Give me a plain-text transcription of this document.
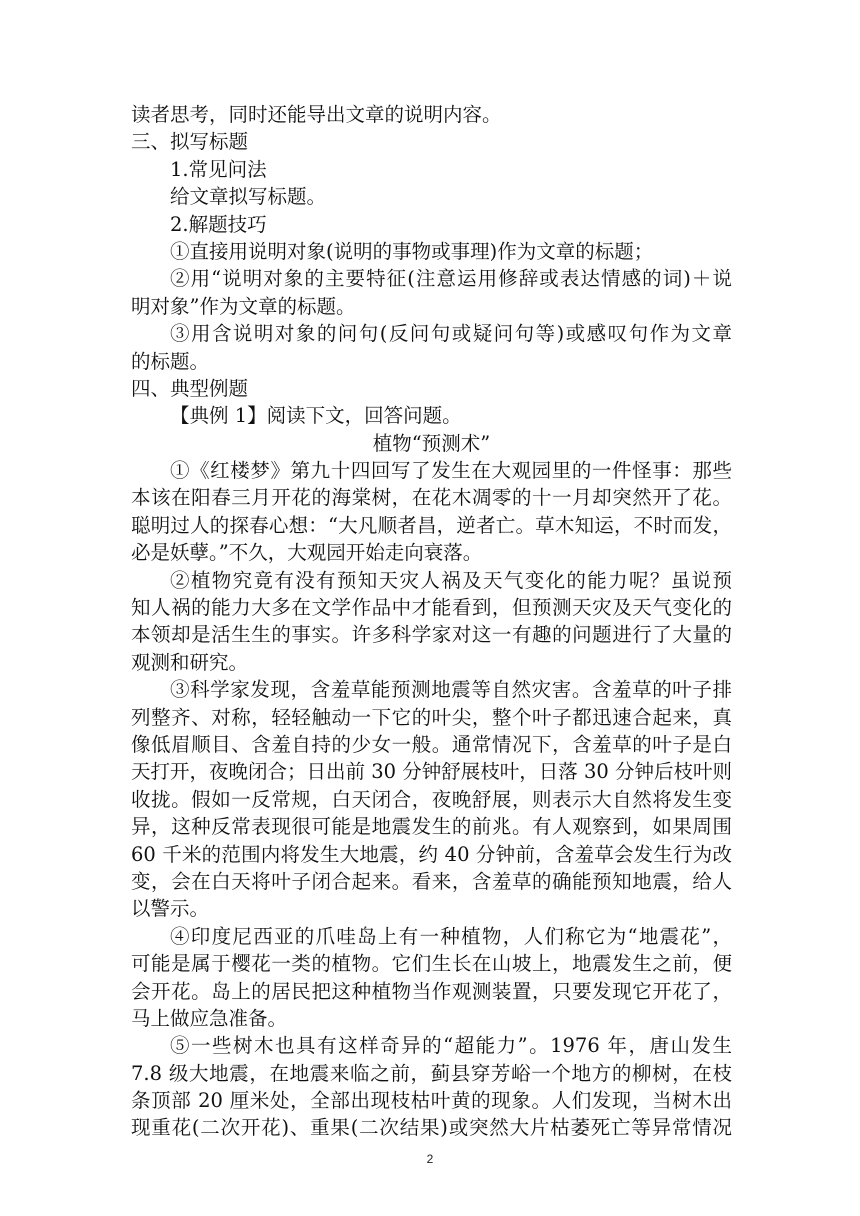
读者思考，同时还能导出文章的说明内容。
三、拟写标题
1.常见问法
给文章拟写标题。
2.解题技巧
①直接用说明对象(说明的事物或事理)作为文章的标题；
②用“说明对象的主要特征(注意运用修辞或表达情感的词)＋说
明对象”作为文章的标题。
③用含说明对象的问句(反问句或疑问句等)或感叹句作为文章
的标题。
四、典型例题
【典例 1】阅读下文，回答问题。
植物“预测术”
①《红楼梦》第九十四回写了发生在大观园里的一件怪事：那些
本该在阳春三月开花的海棠树，在花木凋零的十一月却突然开了花。
聪明过人的探春心想：“大凡顺者昌，逆者亡。草木知运，不时而发，
必是妖孽。”不久，大观园开始走向衰落。
②植物究竟有没有预知天灾人祸及天气变化的能力呢？虽说预
知人祸的能力大多在文学作品中才能看到，但预测天灾及天气变化的
本领却是活生生的事实。许多科学家对这一有趣的问题进行了大量的
观测和研究。
③科学家发现，含羞草能预测地震等自然灾害。含羞草的叶子排
列整齐、对称，轻轻触动一下它的叶尖，整个叶子都迅速合起来，真
像低眉顺目、含羞自持的少女一般。通常情况下，含羞草的叶子是白
天打开，夜晚闭合；日出前 30 分钟舒展枝叶，日落 30 分钟后枝叶则
收拢。假如一反常规，白天闭合，夜晚舒展，则表示大自然将发生变
异，这种反常表现很可能是地震发生的前兆。有人观察到，如果周围
60 千米的范围内将发生大地震，约 40 分钟前，含羞草会发生行为改
变，会在白天将叶子闭合起来。看来，含羞草的确能预知地震，给人
以警示。
④印度尼西亚的爪哇岛上有一种植物，人们称它为“地震花”，
可能是属于樱花一类的植物。它们生长在山坡上，地震发生之前，便
会开花。岛上的居民把这种植物当作观测装置，只要发现它开花了，
马上做应急准备。
⑤一些树木也具有这样奇异的“超能力”。1976 年，唐山发生
7.8 级大地震，在地震来临之前，蓟县穿芳峪一个地方的柳树，在枝
条顶部 20 厘米处，全部出现枝枯叶黄的现象。人们发现，当树木出
现重花(二次开花)、重果(二次结果)或突然大片枯萎死亡等异常情况
2
